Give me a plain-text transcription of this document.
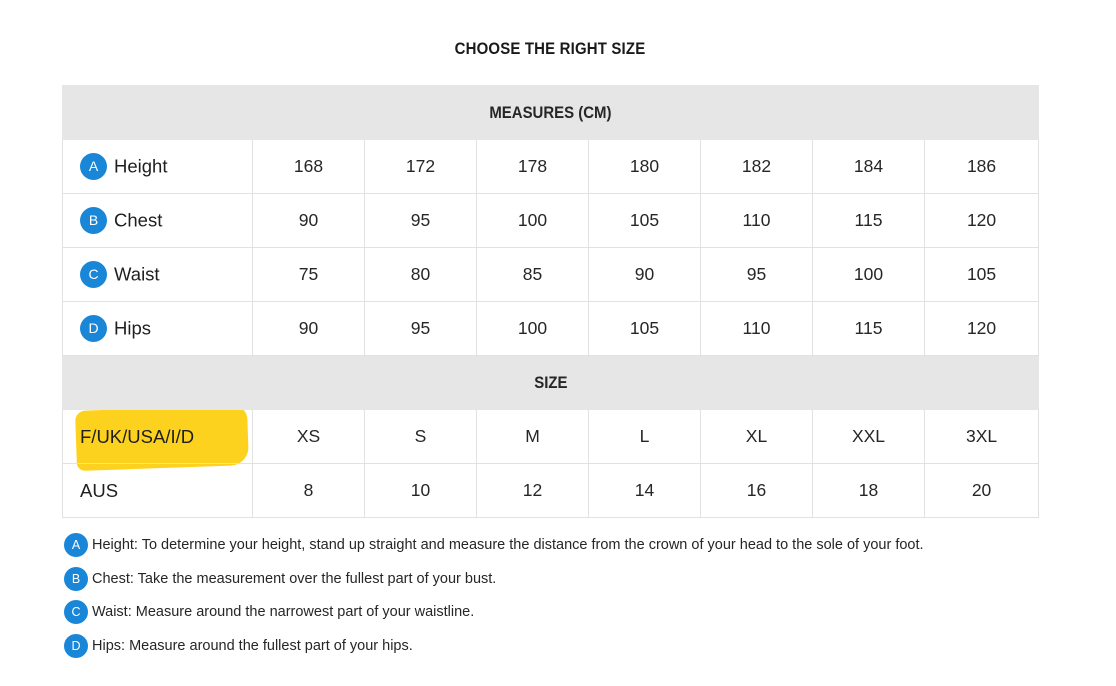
CHOOSE THE RIGHT SIZE
MEASURES (CM)							
A Height	168	172	178	180	182	184	186
B Chest	90	95	100	105	110	115	120
C Waist	75	80	85	90	95	100	105
D Hips	90	95	100	105	110	115	120
SIZE							
F/UK/USA/I/D	XS	S	M	L	XL	XXL	3XL
AUS	8	10	12	14	16	18	20
A Height: To determine your height, stand up straight and measure the distance from the crown of your head to the sole of your foot.
B Chest: Take the measurement over the fullest part of your bust.
C Waist: Measure around the narrowest part of your waistline.
D Hips: Measure around the fullest part of your hips.
